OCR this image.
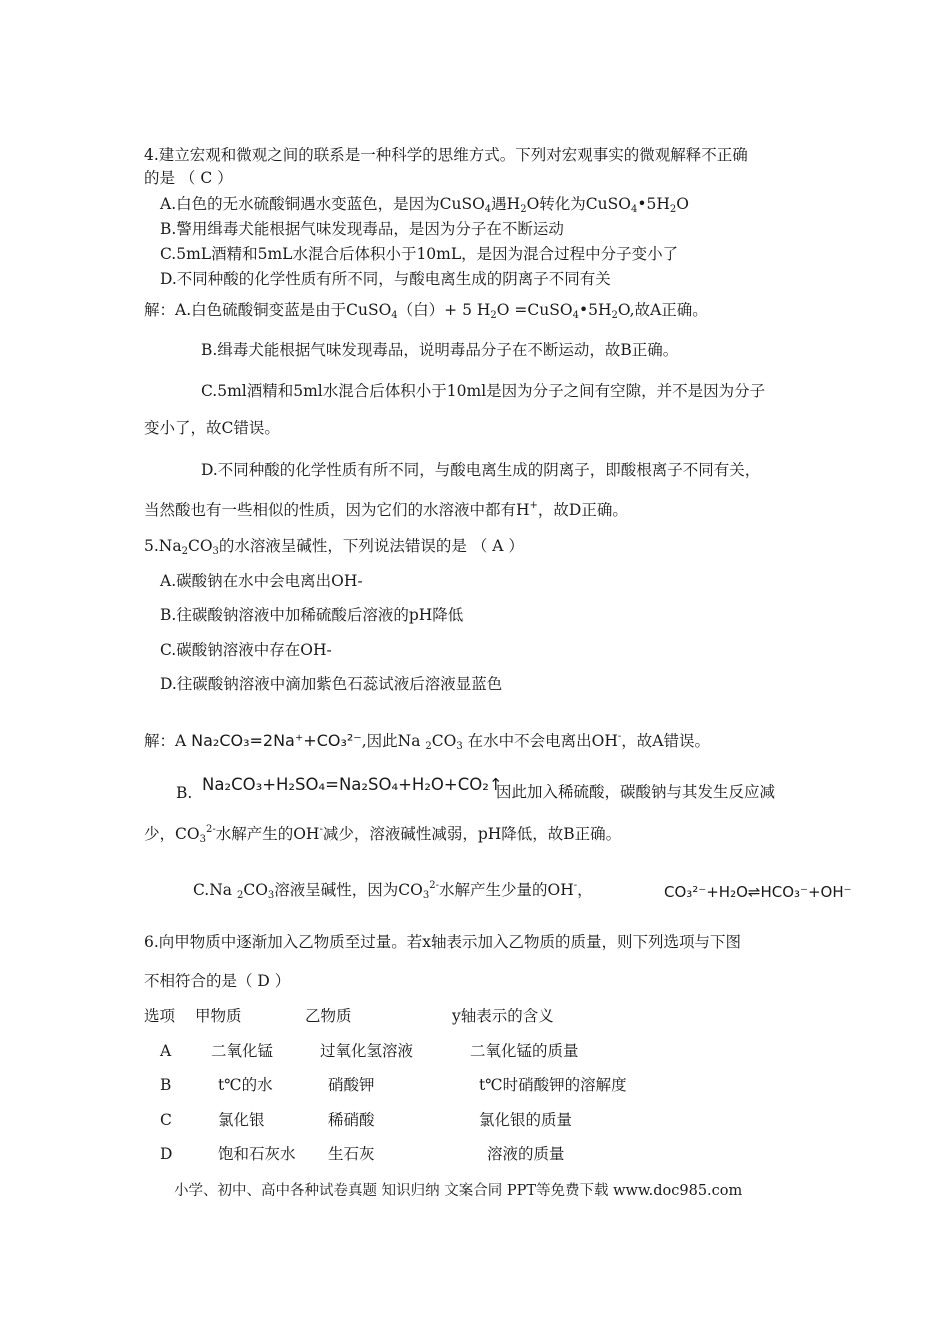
4.建立宏观和微观之间的联系是一种科学的思维方式。下列对宏观事实的微观解释不正确
的是 （ C ）
A.白色的无水硫酸铜遇水变蓝色，是因为CuSO$_4$遇$H_2O$转化为$CuSO_4•5H_2O$
B.警用缉毒犬能根据气味发现毒品，是因为分子在不断运动
C.5mL酒精和5mL水混合后体积小于10mL，是因为混合过程中分子变小了
D.不同种酸的化学性质有所不同，与酸电离生成的阴离子不同有关
解：A.白色硫酸铜变蓝是由于CuSO$_4$（白）+ 5 $H_2O$ $=CuSO_4•5H_2O$,故A正确。
B.缉毒犬能根据气味发现毒品，说明毒品分子在不断运动，故B正确。
C.5ml酒精和5ml水混合后体积小于10ml是因为分子之间有空隙，并不是因为分子
变小了，故C错误。
D.不同种酸的化学性质有所不同，与酸电离生成的阴离子，即酸根离子不同有关，
当然酸也有一些相似的性质，因为它们的水溶液中都有H+，故D正确。
$5.Na_2CO_3$的水溶液呈碱性，下列说法错误的是 （ A ）
A.碳酸钠在水中会电离出OH-
B.往碳酸钠溶液中加稀硫酸后溶液的pH降低
C.碳酸钠溶液中存在OH-
D.往碳酸钠溶液中滴加紫色石蕊试液后溶液显蓝色
解：A Na₂CO₃=2Na⁺+CO₃²⁻,因此Na $_2CO_3$ 在水中不会电离出OH-，故A错误。
B. Na₂CO₃+H₂SO₄=Na₂SO₄+H₂O+CO₂↑
因此加入稀硫酸，碳酸钠与其发生反应减
少，$CO_3^{2-}$水解产生的OH-减少，溶液碱性减弱，pH降低，故B正确。
C.Na $_2CO_3$溶液呈碱性，因为$CO_3^{2-}$水解产生少量的OH-，	CO₃²⁻+H₂O⇌HCO₃⁻+OH⁻
6.向甲物质中逐渐加入乙物质至过量。若x轴表示加入乙物质的质量，则下列选项与下图
不相符合的是（ D ）
选项 甲物质	乙物质	y轴表示的含义
A	二氧化锰	过氧化氢溶液	二氧化锰的质量
B	t℃的水	硝酸钾	t℃时硝酸钾的溶解度
C	氯化银	稀硝酸	氯化银的质量
D	饱和石灰水 生石灰	溶液的质量
小学、初中、高中各种试卷真题 知识归纳 文案合同 PPT等免费下载 www.doc985.com
